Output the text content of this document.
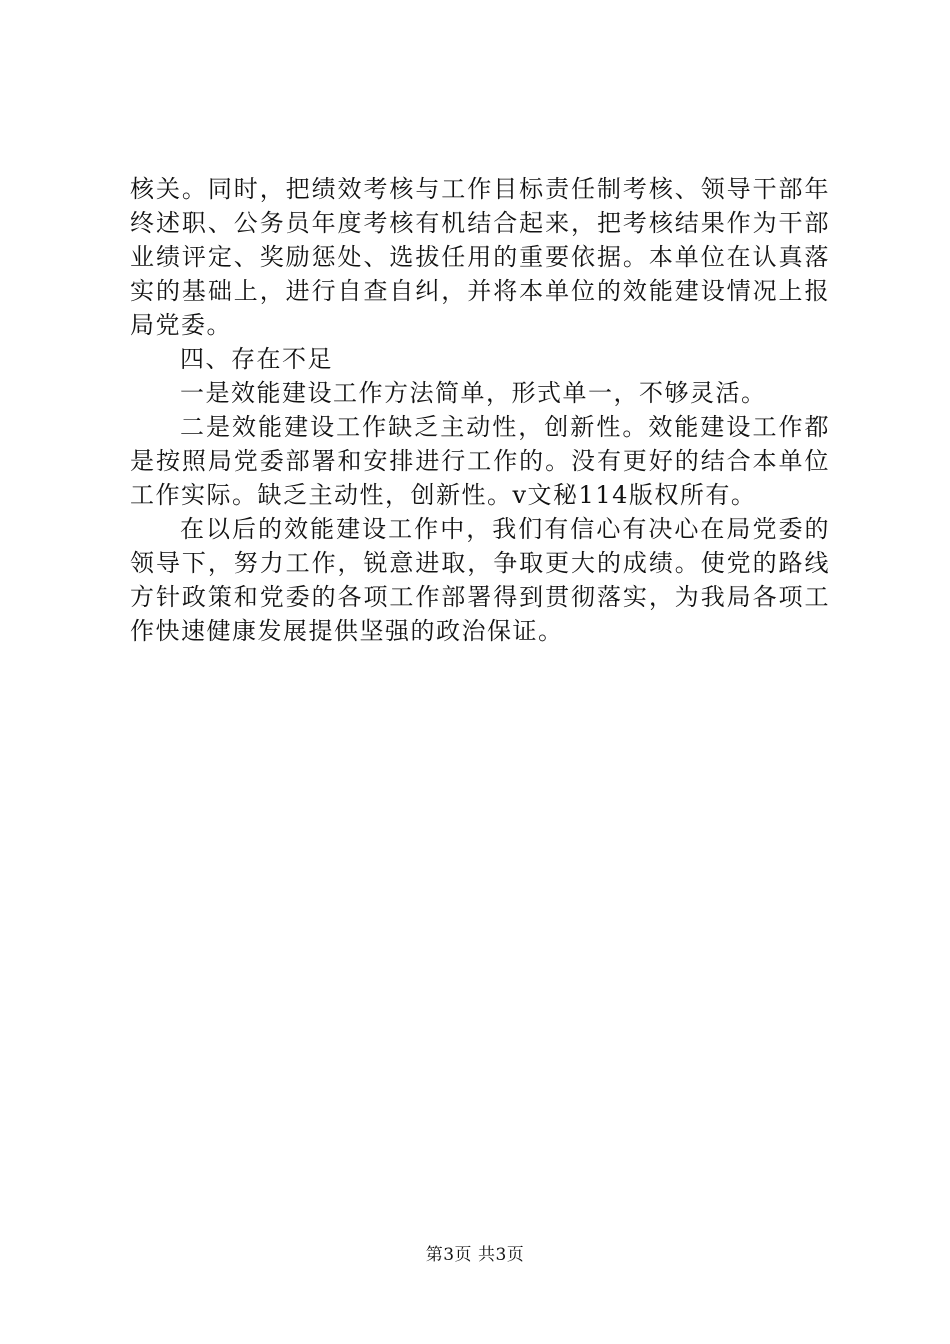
核关。同时，把绩效考核与工作目标责任制考核、领导干部年终述职、公务员年度考核有机结合起来，把考核结果作为干部业绩评定、奖励惩处、选拔任用的重要依据。本单位在认真落实的基础上，进行自查自纠，并将本单位的效能建设情况上报局党委。

四、存在不足

一是效能建设工作方法简单，形式单一，不够灵活。

二是效能建设工作缺乏主动性，创新性。效能建设工作都是按照局党委部署和安排进行工作的。没有更好的结合本单位工作实际。缺乏主动性，创新性。v文秘114版权所有。

在以后的效能建设工作中，我们有信心有决心在局党委的领导下，努力工作，锐意进取，争取更大的成绩。使党的路线方针政策和党委的各项工作部署得到贯彻落实，为我局各项工作快速健康发展提供坚强的政治保证。

第3页 共3页
